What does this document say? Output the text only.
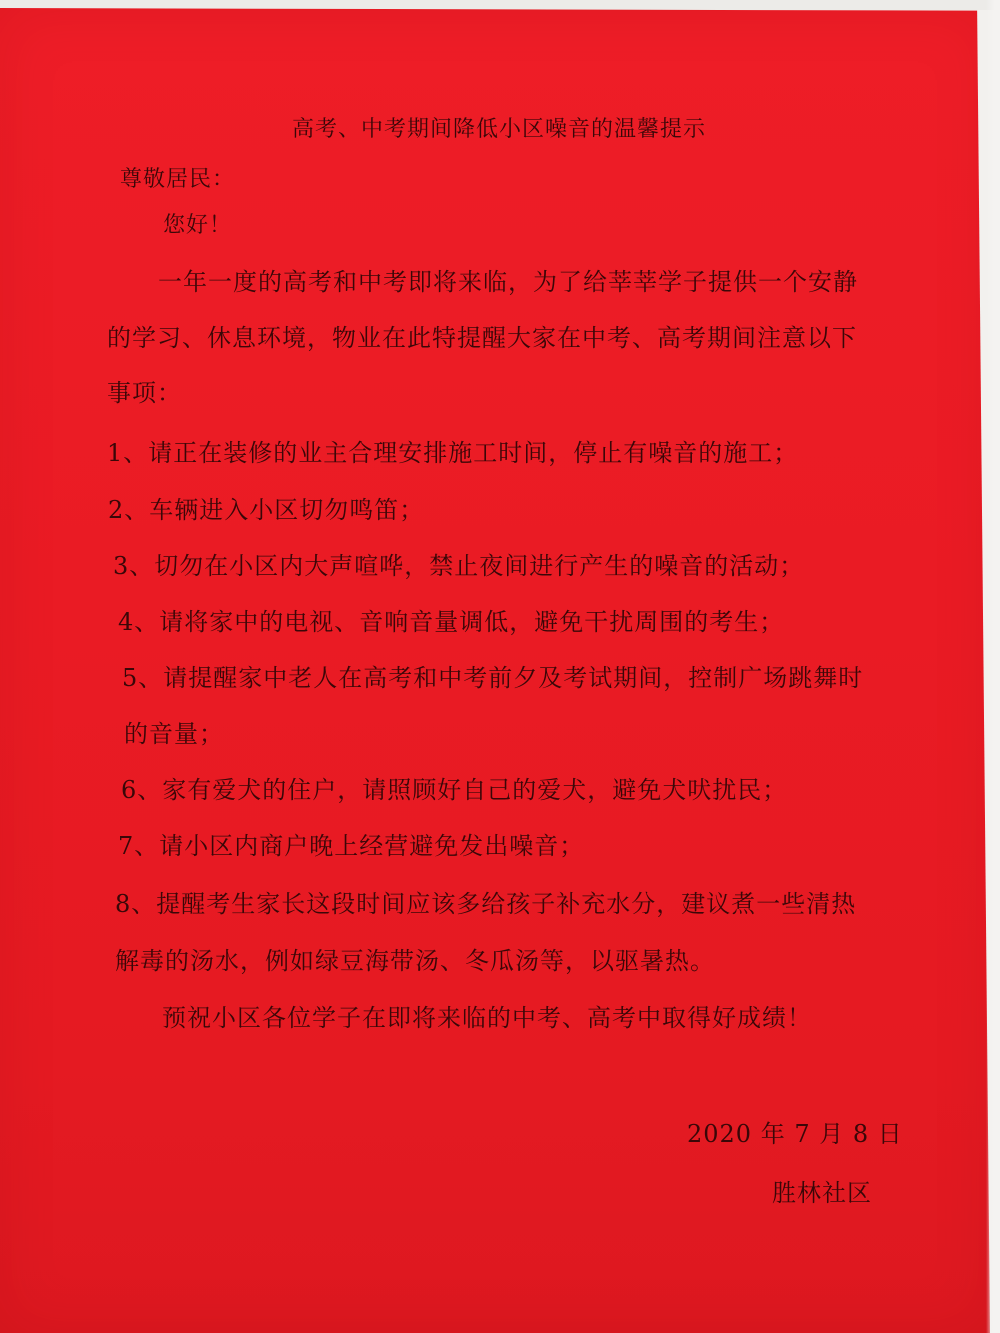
高考、中考期间降低小区噪音的温馨提示
尊敬居民：
您好！
一年一度的高考和中考即将来临，为了给莘莘学子提供一个安静
的学习、休息环境，物业在此特提醒大家在中考、高考期间注意以下
事项：
1、请正在装修的业主合理安排施工时间，停止有噪音的施工；
2、车辆进入小区切勿鸣笛；
3、切勿在小区内大声喧哗，禁止夜间进行产生的噪音的活动；
4、请将家中的电视、音响音量调低，避免干扰周围的考生；
5、请提醒家中老人在高考和中考前夕及考试期间，控制广场跳舞时
的音量；
6、家有爱犬的住户，请照顾好自己的爱犬，避免犬吠扰民；
7、请小区内商户晚上经营避免发出噪音；
8、提醒考生家长这段时间应该多给孩子补充水分，建议煮一些清热
解毒的汤水，例如绿豆海带汤、冬瓜汤等，以驱暑热。
预祝小区各位学子在即将来临的中考、高考中取得好成绩！
2020 年 7 月 8 日
胜林社区
